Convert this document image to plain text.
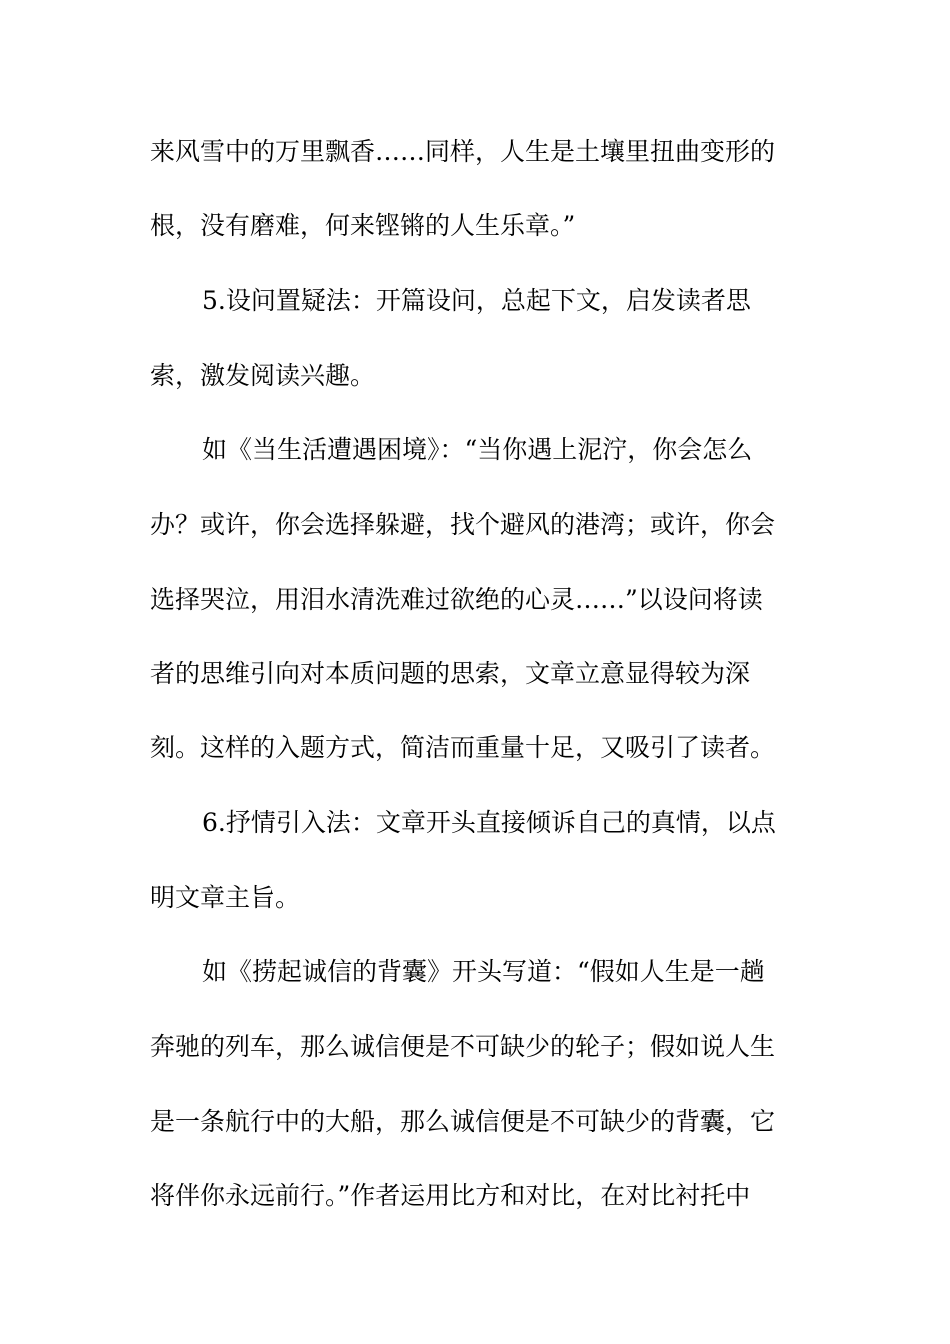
来风雪中的万里飘香……同样，人生是土壤里扭曲变形的
根，没有磨难，何来铿锵的人生乐章。”
5.设问置疑法：开篇设问，总起下文，启发读者思
索，激发阅读兴趣。
如《当生活遭遇困境》：“当你遇上泥泞，你会怎么
办？或许，你会选择躲避，找个避风的港湾；或许，你会
选择哭泣，用泪水清洗难过欲绝的心灵……”以设问将读
者的思维引向对本质问题的思索，文章立意显得较为深
刻。这样的入题方式，简洁而重量十足，又吸引了读者。
6.抒情引入法：文章开头直接倾诉自己的真情，以点
明文章主旨。
如《捞起诚信的背囊》开头写道：“假如人生是一趟
奔驰的列车，那么诚信便是不可缺少的轮子；假如说人生
是一条航行中的大船，那么诚信便是不可缺少的背囊，它
将伴你永远前行。”作者运用比方和对比，在对比衬托中
